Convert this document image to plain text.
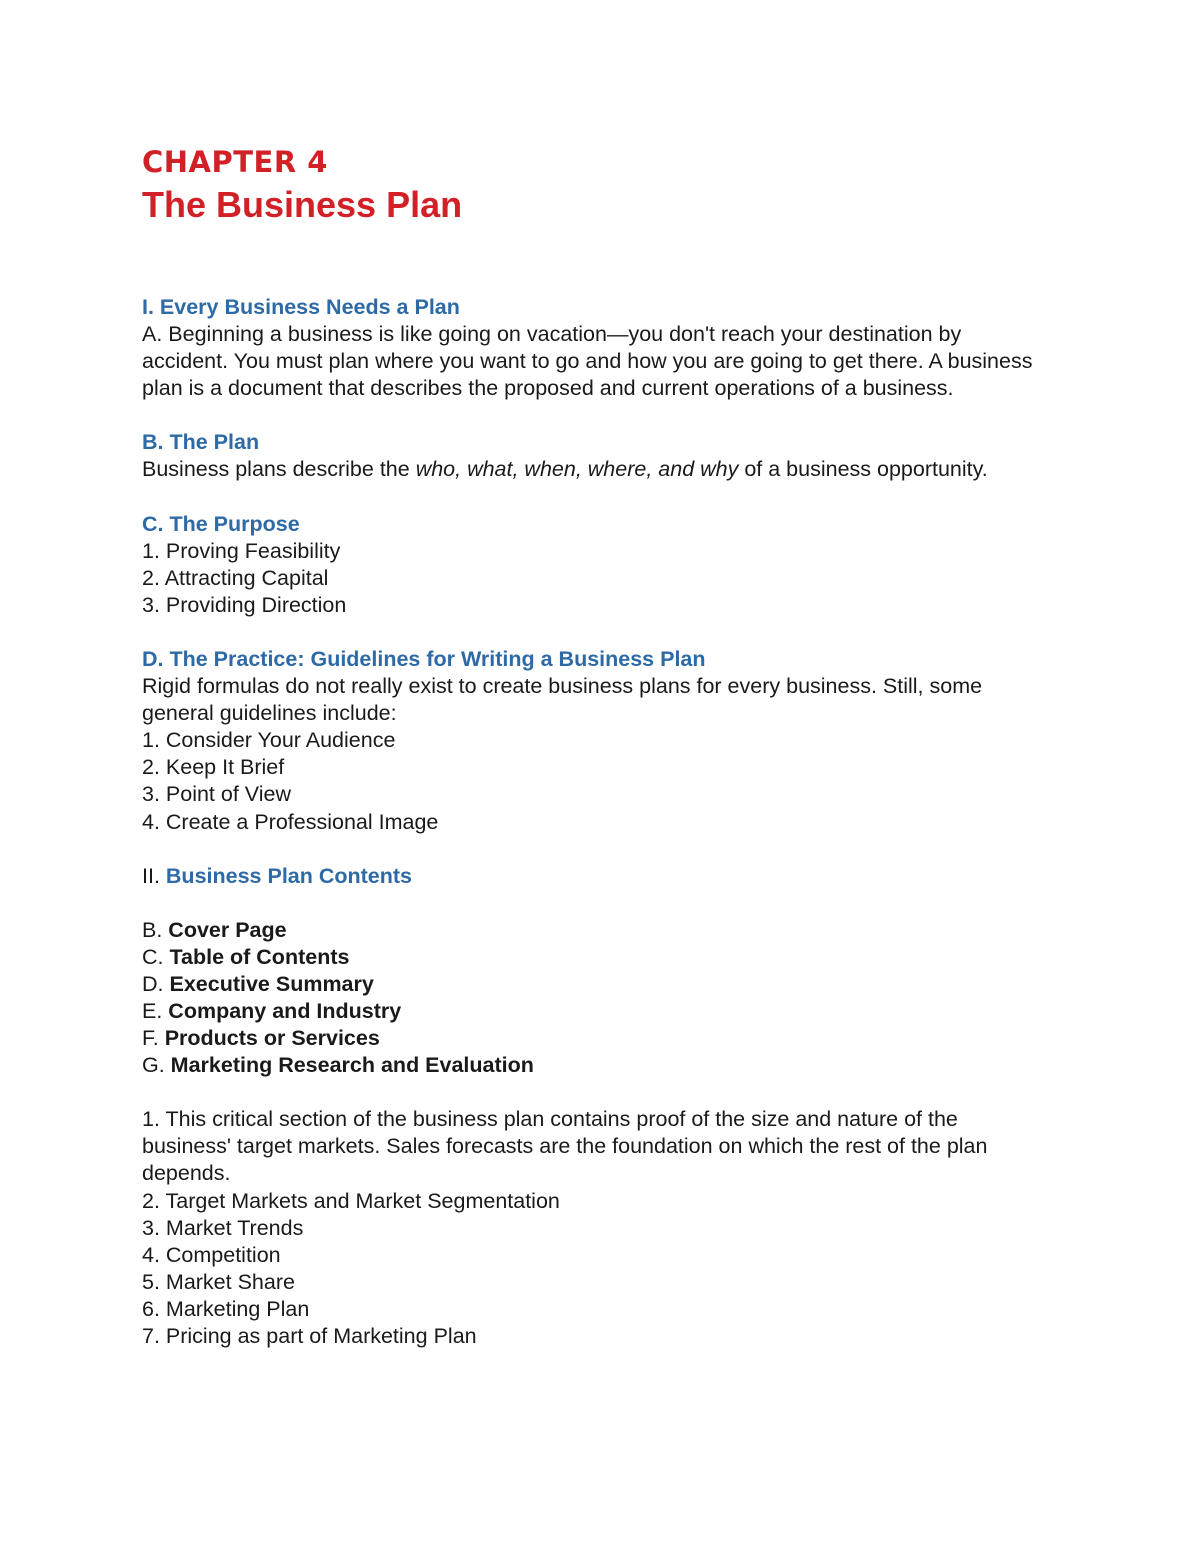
CHAPTER 4
The Business Plan

I. Every Business Needs a Plan

A. Beginning a business is like going on vacation—you don't reach your destination by accident. You must plan where you want to go and how you are going to get there. A business plan is a document that describes the proposed and current operations of a business.

B. The Plan

Business plans describe the who, what, when, where, and why of a business opportunity.

C. The Purpose

1. Proving Feasibility

2. Attracting Capital

3. Providing Direction

D. The Practice: Guidelines for Writing a Business Plan

Rigid formulas do not really exist to create business plans for every business. Still, some general guidelines include:

1. Consider Your Audience

2. Keep It Brief

3. Point of View

4. Create a Professional Image

II. Business Plan Contents

B. Cover Page

C. Table of Contents

D. Executive Summary

E. Company and Industry

F. Products or Services

G. Marketing Research and Evaluation

1. This critical section of the business plan contains proof of the size and nature of the business' target markets. Sales forecasts are the foundation on which the rest of the plan depends.

2. Target Markets and Market Segmentation

3. Market Trends

4. Competition

5. Market Share

6. Marketing Plan

7. Pricing as part of Marketing Plan
